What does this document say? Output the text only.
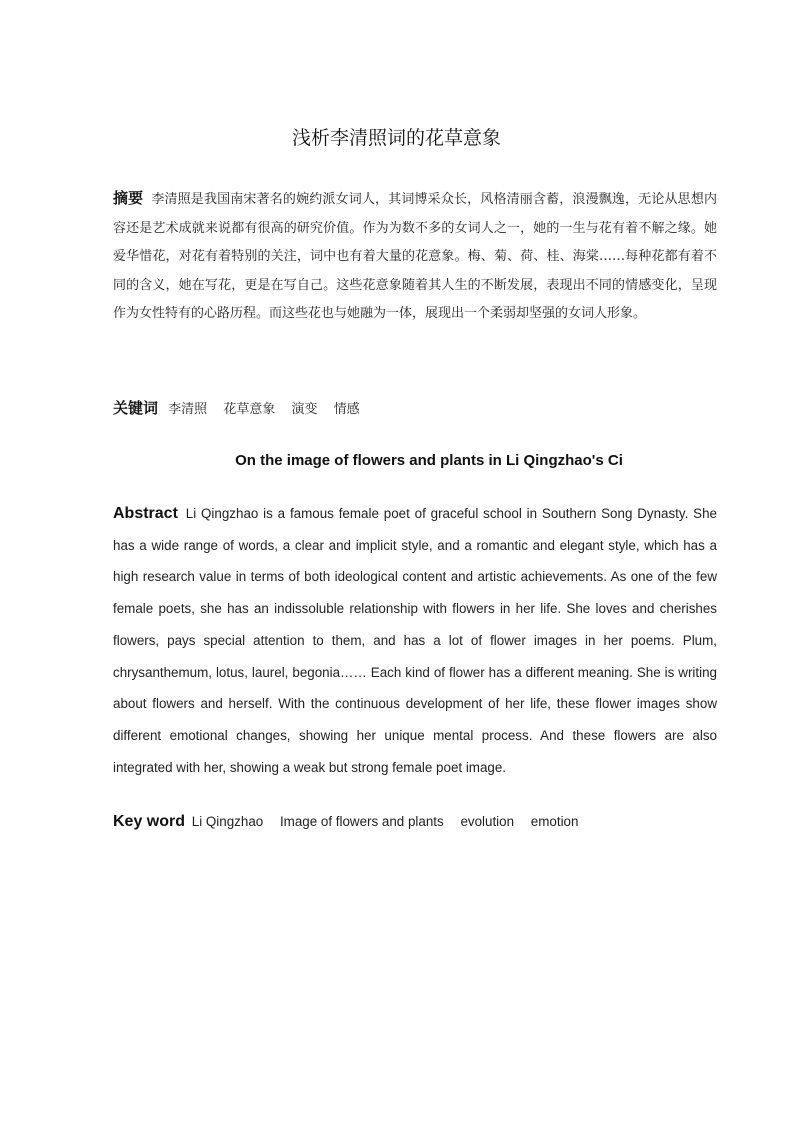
浅析李清照词的花草意象

摘要 李清照是我国南宋著名的婉约派女词人，其词博采众长，风格清丽含蓄，浪漫飘逸，无论从思想内容还是艺术成就来说都有很高的研究价值。作为为数不多的女词人之一，她的一生与花有着不解之缘。她爱华惜花，对花有着特别的关注，词中也有着大量的花意象。梅、菊、荷、桂、海棠……每种花都有着不同的含义，她在写花，更是在写自己。这些花意象随着其人生的不断发展，表现出不同的情感变化，呈现作为女性特有的心路历程。而这些花也与她融为一体，展现出一个柔弱却坚强的女词人形象。

关键词 李清照 花草意象 演变 情感
On the image of flowers and plants in Li Qingzhao's Ci

Abstract Li Qingzhao is a famous female poet of graceful school in Southern Song Dynasty. She has a wide range of words, a clear and implicit style, and a romantic and elegant style, which has a high research value in terms of both ideological content and artistic achievements. As one of the few female poets, she has an indissoluble relationship with flowers in her life. She loves and cherishes flowers, pays special attention to them, and has a lot of flower images in her poems. Plum, chrysanthemum, lotus, laurel, begonia…… Each kind of flower has a different meaning. She is writing about flowers and herself. With the continuous development of her life, these flower images show different emotional changes, showing her unique mental process. And these flowers are also integrated with her, showing a weak but strong female poet image.

Key word Li Qingzhao Image of flowers and plants evolution emotion
